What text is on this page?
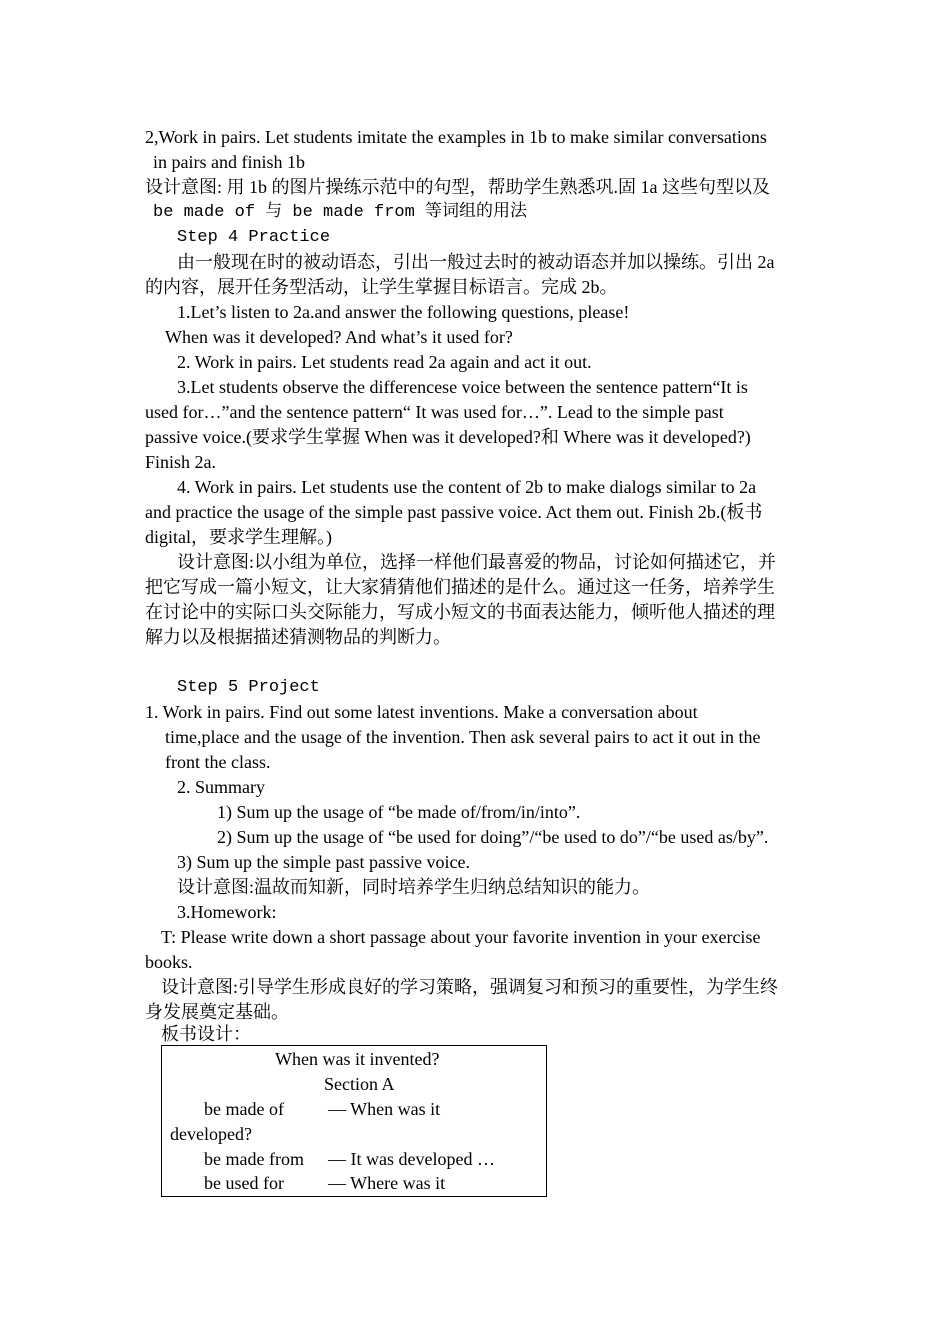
2,Work in pairs. Let students imitate the examples in 1b to make similar conversations
in pairs and finish 1b
设计意图: 用 1b 的图片操练示范中的句型，帮助学生熟悉巩.固 1a 这些句型以及
be made of 与 be made from 等词组的用法
Step 4 Practice
由一般现在时的被动语态，引出一般过去时的被动语态并加以操练。引出 2a
的内容，展开任务型活动，让学生掌握目标语言。完成 2b。
1.Let’s listen to 2a.and answer the following questions, please!
When was it developed? And what’s it used for?
2. Work in pairs. Let students read 2a again and act it out.
3.Let students observe the differencese voice between the sentence pattern“It is
used for…”and the sentence pattern“ It was used for…”. Lead to the simple past
passive voice.(要求学生掌握 When was it developed?和 Where was it developed?)
Finish 2a.
4. Work in pairs. Let students use the content of 2b to make dialogs similar to 2a
and practice the usage of the simple past passive voice. Act them out. Finish 2b.(板书
digital，要求学生理解。)
设计意图:以小组为单位，选择一样他们最喜爱的物品，讨论如何描述它，并
把它写成一篇小短文，让大家猜猜他们描述的是什么。通过这一任务，培养学生
在讨论中的实际口头交际能力，写成小短文的书面表达能力，倾听他人描述的理
解力以及根据描述猜测物品的判断力。
Step 5 Project
1. Work in pairs. Find out some latest inventions. Make a conversation about
time,place and the usage of the invention. Then ask several pairs to act it out in the
front the class.
2. Summary
1) Sum up the usage of “be made of/from/in/into”.
2) Sum up the usage of “be used for doing”/“be used to do”/“be used as/by”.
3) Sum up the simple past passive voice.
设计意图:温故而知新，同时培养学生归纳总结知识的能力。
3.Homework:
T: Please write down a short passage about your favorite invention in your exercise
books.
设计意图:引导学生形成良好的学习策略，强调复习和预习的重要性，为学生终
身发展奠定基础。
板书设计：
When was it invented?
Section A
be made of — When was it
developed?
be made from — It was developed …
be used for — Where was it
